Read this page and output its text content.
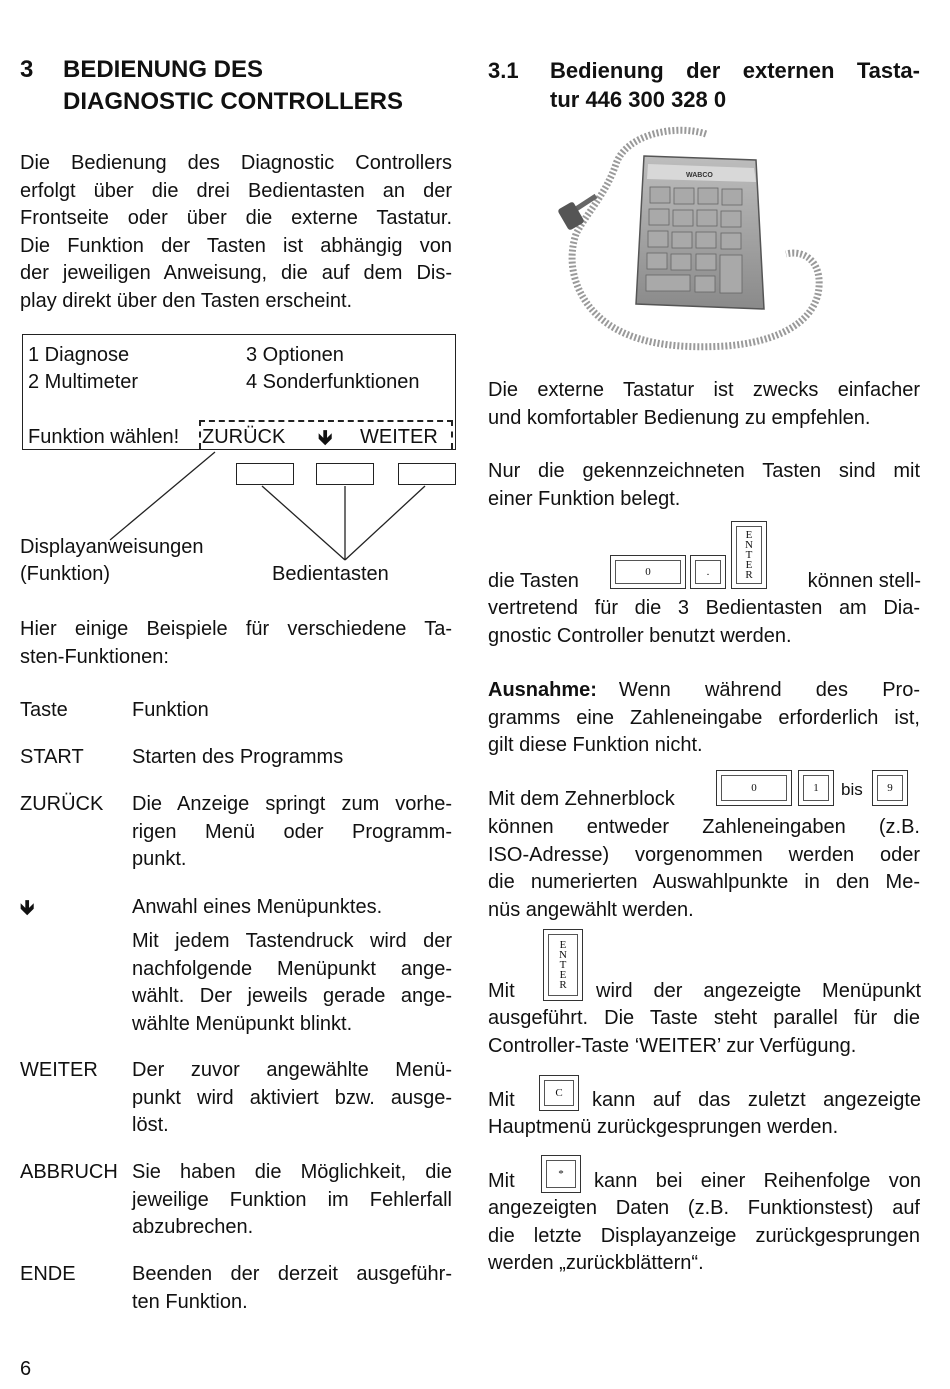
3 BEDIENUNG DES
DIAGNOSTIC CONTROLLERS
Die Bedienung des Diagnostic Controllers
erfolgt über die drei Bedientasten an der
Frontseite oder über die externe Tastatur.
Die Funktion der Tasten ist abhängig von
der jeweiligen Anweisung, die auf dem Dis-
play direkt über den Tasten erscheint.
1 Diagnose
2 Multimeter
3 Optionen
4 Sonderfunktionen
Funktion wählen! ZURÜCK 🡻 WEITER
Displayanweisungen
(Funktion)	Bedientasten
Hier einige Beispiele für verschiedene Ta-
sten-Funktionen:
Taste	Funktion
START Starten des Programms
ZURÜCK Die Anzeige springt zum vorhe-
rigen Menü oder Programm-
punkt.
🡻	Anwahl eines Menüpunktes.
Mit jedem Tastendruck wird der
nachfolgende Menüpunkt ange-
wählt. Der jeweils gerade ange-
wählte Menüpunkt blinkt.
WEITER Der zuvor angewählte Menü-
punkt wird aktiviert bzw. ausge-
löst.
ABBRUCH Sie haben die Möglichkeit, die
jeweilige Funktion im Fehlerfall
abzubrechen.
ENDE	Beenden der derzeit ausgeführ-
ten Funktion.
6
3.1 Bedienung der externen Tasta-
tur 446 300 328 0
WABCO
Die externe Tastatur ist zwecks einfacher
und komfortabler Bedienung zu empfehlen.
Nur die gekennzeichneten Tasten sind mit
einer Funktion belegt.
die Tasten	0	.
E
N
T
E
R	können stell-
vertretend für die 3 Bedientasten am Dia-
gnostic Controller benutzt werden.
Ausnahme: Wenn während des Pro-
gramms eine Zahleneingabe erforderlich ist,
gilt diese Funktion nicht.
Mit dem Zehnerblock	0	1	bis	9
können entweder Zahleneingaben (z.B.
ISO-Adresse) vorgenommen werden oder
die numerierten Auswahlpunkte in den Me-
nüs angewählt werden.
Mit
E
N
T
E
R wird der angezeigte Menüpunkt
ausgeführt. Die Taste steht parallel für die
Controller-Taste ‘WEITER’ zur Verfügung.
Mit	C	kann auf das zuletzt angezeigte
Hauptmenü zurückgesprungen werden.
Mit	*	kann bei einer Reihenfolge von
angezeigten Daten (z.B. Funktionstest) auf
die letzte Displayanzeige zurückgesprungen
werden „zurückblättern“.
